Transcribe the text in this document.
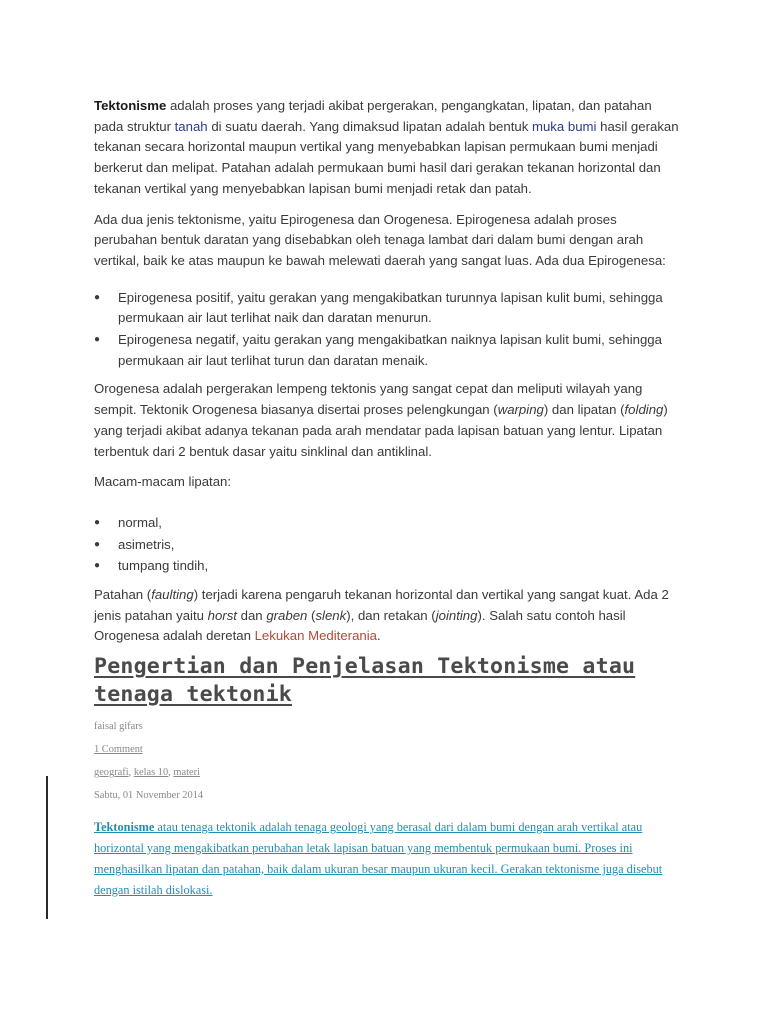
Tektonisme adalah proses yang terjadi akibat pergerakan, pengangkatan, lipatan, dan patahan pada struktur tanah di suatu daerah. Yang dimaksud lipatan adalah bentuk muka bumi hasil gerakan tekanan secara horizontal maupun vertikal yang menyebabkan lapisan permukaan bumi menjadi berkerut dan melipat. Patahan adalah permukaan bumi hasil dari gerakan tekanan horizontal dan tekanan vertikal yang menyebabkan lapisan bumi menjadi retak dan patah.

Ada dua jenis tektonisme, yaitu Epirogenesa dan Orogenesa. Epirogenesa adalah proses perubahan bentuk daratan yang disebabkan oleh tenaga lambat dari dalam bumi dengan arah vertikal, baik ke atas maupun ke bawah melewati daerah yang sangat luas. Ada dua Epirogenesa:

● Epirogenesa positif, yaitu gerakan yang mengakibatkan turunnya lapisan kulit bumi, sehingga permukaan air laut terlihat naik dan daratan menurun.
● Epirogenesa negatif, yaitu gerakan yang mengakibatkan naiknya lapisan kulit bumi, sehingga permukaan air laut terlihat turun dan daratan menaik.

Orogenesa adalah pergerakan lempeng tektonis yang sangat cepat dan meliputi wilayah yang sempit. Tektonik Orogenesa biasanya disertai proses pelengkungan (warping) dan lipatan (folding) yang terjadi akibat adanya tekanan pada arah mendatar pada lapisan batuan yang lentur. Lipatan terbentuk dari 2 bentuk dasar yaitu sinklinal dan antiklinal.

Macam-macam lipatan:

● normal,
● asimetris,
● tumpang tindih,

Patahan (faulting) terjadi karena pengaruh tekanan horizontal dan vertikal yang sangat kuat. Ada 2 jenis patahan yaitu horst dan graben (slenk), dan retakan (jointing). Salah satu contoh hasil Orogenesa adalah deretan Lekukan Mediterania.

Pengertian dan Penjelasan Tektonisme atau tenaga tektonik
faisal gifars
1 Comment
geografi, kelas 10, materi
Sabtu, 01 November 2014

Tektonisme atau tenaga tektonik adalah tenaga geologi yang berasal dari dalam bumi dengan arah vertikal atau horizontal yang mengakibatkan perubahan letak lapisan batuan yang membentuk permukaan bumi. Proses ini menghasilkan lipatan dan patahan, baik dalam ukuran besar maupun ukuran kecil. Gerakan tektonisme juga disebut dengan istilah dislokasi.
